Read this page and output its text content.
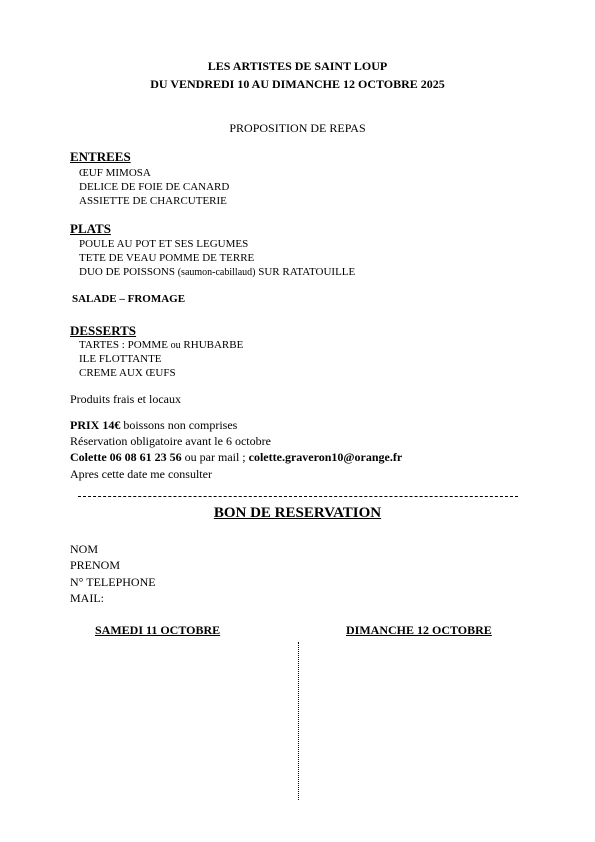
LES ARTISTES DE SAINT LOUP
DU VENDREDI 10 AU DIMANCHE 12 OCTOBRE 2025
PROPOSITION DE REPAS
ENTREES
ŒUF MIMOSA
DELICE DE FOIE DE CANARD
ASSIETTE DE CHARCUTERIE
PLATS
POULE AU POT ET SES LEGUMES
TETE DE VEAU POMME DE TERRE
DUO DE POISSONS (saumon-cabillaud) SUR RATATOUILLE
SALADE – FROMAGE
DESSERTS
TARTES : POMME ou RHUBARBE
ILE FLOTTANTE
CREME AUX ŒUFS
Produits frais et locaux
PRIX 14€ boissons non comprises
Réservation obligatoire avant le 6 octobre
Colette 06 08 61 23 56 ou par mail ; colette.graveron10@orange.fr
Apres cette date me consulter
BON DE RESERVATION
NOM
PRENOM
N° TELEPHONE
MAIL:
SAMEDI 11 OCTOBRE	DIMANCHE 12 OCTOBRE
